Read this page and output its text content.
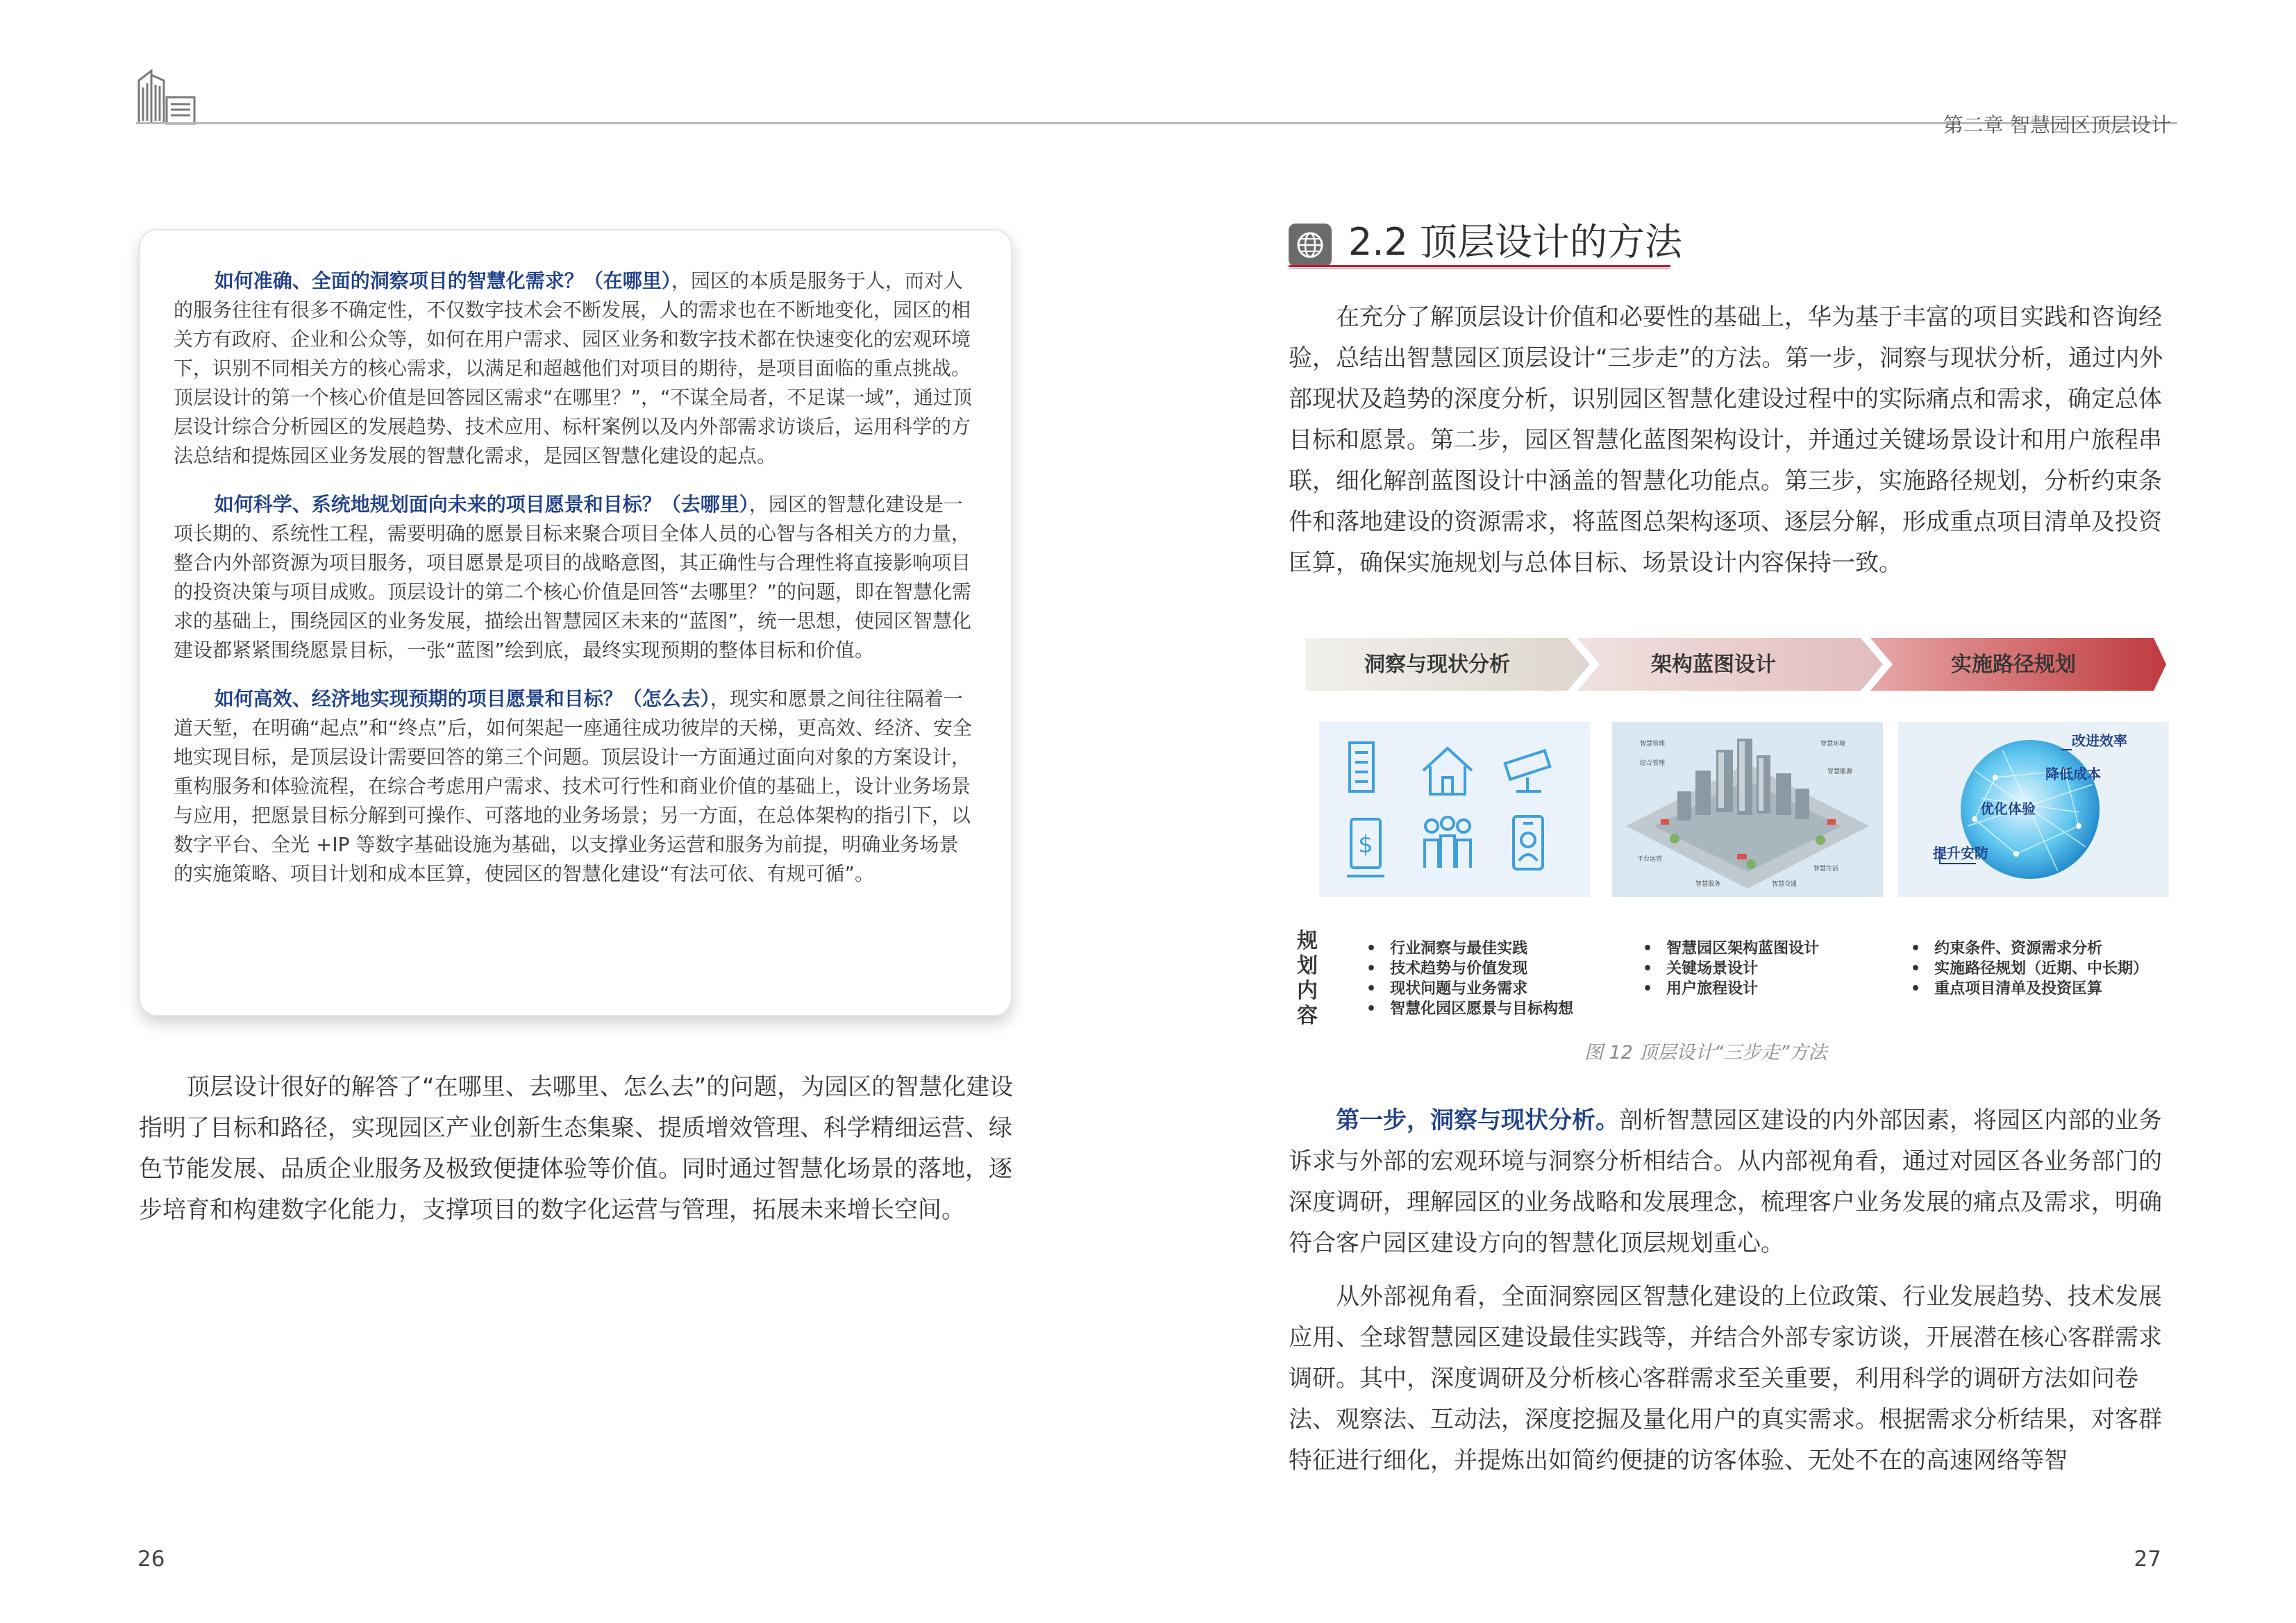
第二章 智慧园区顶层设计

如何准确、全面的洞察项目的智慧化需求？（在哪里），园区的本质是服务于人，而对人的服务往往有很多不确定性，不仅数字技术会不断发展，人的需求也在不断地变化，园区的相关方有政府、企业和公众等，如何在用户需求、园区业务和数字技术都在快速变化的宏观环境下，识别不同相关方的核心需求，以满足和超越他们对项目的期待，是项目面临的重点挑战。顶层设计的第一个核心价值是回答园区需求“在哪里？”，“不谋全局者，不足谋一域”，通过顶层设计综合分析园区的发展趋势、技术应用、标杆案例以及内外部需求访谈后，运用科学的方法总结和提炼园区业务发展的智慧化需求，是园区智慧化建设的起点。

如何科学、系统地规划面向未来的项目愿景和目标？（去哪里），园区的智慧化建设是一项长期的、系统性工程，需要明确的愿景目标来聚合项目全体人员的心智与各相关方的力量，整合内外部资源为项目服务，项目愿景是项目的战略意图，其正确性与合理性将直接影响项目的投资决策与项目成败。顶层设计的第二个核心价值是回答“去哪里？”的问题，即在智慧化需求的基础上，围绕园区的业务发展，描绘出智慧园区未来的“蓝图”，统一思想，使园区智慧化建设都紧紧围绕愿景目标，一张“蓝图”绘到底，最终实现预期的整体目标和价值。

如何高效、经济地实现预期的项目愿景和目标？（怎么去），现实和愿景之间往往隔着一道天堑，在明确“起点”和“终点”后，如何架起一座通往成功彼岸的天梯，更高效、经济、安全地实现目标，是顶层设计需要回答的第三个问题。顶层设计一方面通过面向对象的方案设计，重构服务和体验流程，在综合考虑用户需求、技术可行性和商业价值的基础上，设计业务场景与应用，把愿景目标分解到可操作、可落地的业务场景；另一方面，在总体架构的指引下，以数字平台、全光 +IP 等数字基础设施为基础，以支撑业务运营和服务为前提，明确业务场景的实施策略、项目计划和成本匡算，使园区的智慧化建设“有法可依、有规可循”。

顶层设计很好的解答了“在哪里、去哪里、怎么去”的问题，为园区的智慧化建设指明了目标和路径，实现园区产业创新生态集聚、提质增效管理、科学精细运营、绿色节能发展、品质企业服务及极致便捷体验等价值。同时通过智慧化场景的落地，逐步培育和构建数字化能力，支撑项目的数字化运营与管理，拓展未来增长空间。

2.2 顶层设计的方法

在充分了解顶层设计价值和必要性的基础上，华为基于丰富的项目实践和咨询经验，总结出智慧园区顶层设计“三步走”的方法。第一步，洞察与现状分析，通过内外部现状及趋势的深度分析，识别园区智慧化建设过程中的实际痛点和需求，确定总体目标和愿景。第二步，园区智慧化蓝图架构设计，并通过关键场景设计和用户旅程串联，细化解剖蓝图设计中涵盖的智慧化功能点。第三步，实施路径规划，分析约束条件和落地建设的资源需求，将蓝图总架构逐项、逐层分解，形成重点项目清单及投资匡算，确保实施规划与总体目标、场景设计内容保持一致。

洞察与现状分析	架构蓝图设计	实施路径规划
$
智慧管理
综合管理
智慧环境
智慧能源
平台运营
智慧生活
智慧服务	智慧交通
改进效率
降低成本
优化体验
提升安防
规划内容
• 行业洞察与最佳实践
• 技术趋势与价值发现
• 现状问题与业务需求
• 智慧化园区愿景与目标构想
• 智慧园区架构蓝图设计
• 关键场景设计
• 用户旅程设计
• 约束条件、资源需求分析
• 实施路径规划（近期、中长期）
• 重点项目清单及投资匡算
图 12 顶层设计“三步走”方法

第一步，洞察与现状分析。剖析智慧园区建设的内外部因素，将园区内部的业务诉求与外部的宏观环境与洞察分析相结合。从内部视角看，通过对园区各业务部门的深度调研，理解园区的业务战略和发展理念，梳理客户业务发展的痛点及需求，明确符合客户园区建设方向的智慧化顶层规划重心。

从外部视角看，全面洞察园区智慧化建设的上位政策、行业发展趋势、技术发展应用、全球智慧园区建设最佳实践等，并结合外部专家访谈，开展潜在核心客群需求调研。其中，深度调研及分析核心客群需求至关重要，利用科学的调研方法如问卷法、观察法、互动法，深度挖掘及量化用户的真实需求。根据需求分析结果，对客群特征进行细化，并提炼出如简约便捷的访客体验、无处不在的高速网络等智

26	27
